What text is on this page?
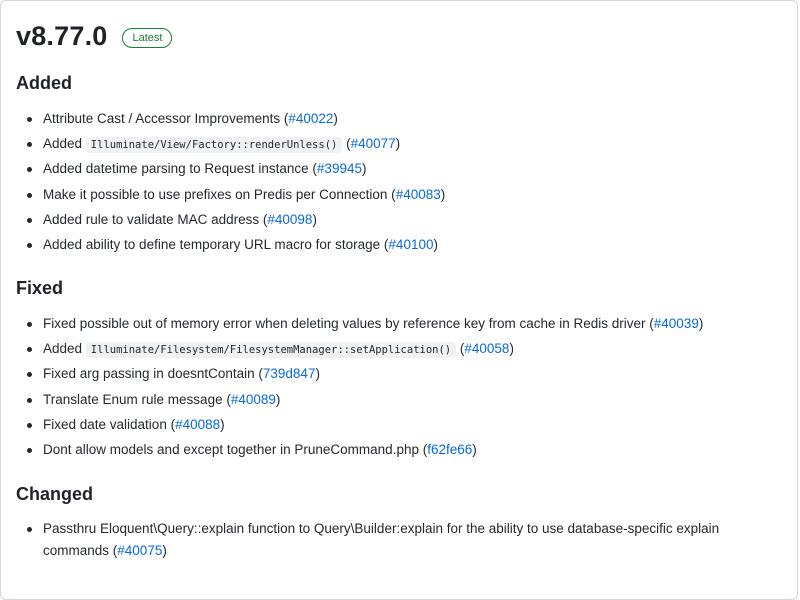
v8.77.0	Latest
Added
Attribute Cast / Accessor Improvements (#40022)
Added Illuminate/View/Factory::renderUnless() (#40077)
Added datetime parsing to Request instance (#39945)
Make it possible to use prefixes on Predis per Connection (#40083)
Added rule to validate MAC address (#40098)
Added ability to define temporary URL macro for storage (#40100)
Fixed
Fixed possible out of memory error when deleting values by reference key from cache in Redis driver (#40039)
Added Illuminate/Filesystem/FilesystemManager::setApplication() (#40058)
Fixed arg passing in doesntContain (739d847)
Translate Enum rule message (#40089)
Fixed date validation (#40088)
Dont allow models and except together in PruneCommand.php (f62fe66)
Changed
Passthru Eloquent\Query::explain function to Query\Builder:explain for the ability to use database-specific explain commands (#40075)
